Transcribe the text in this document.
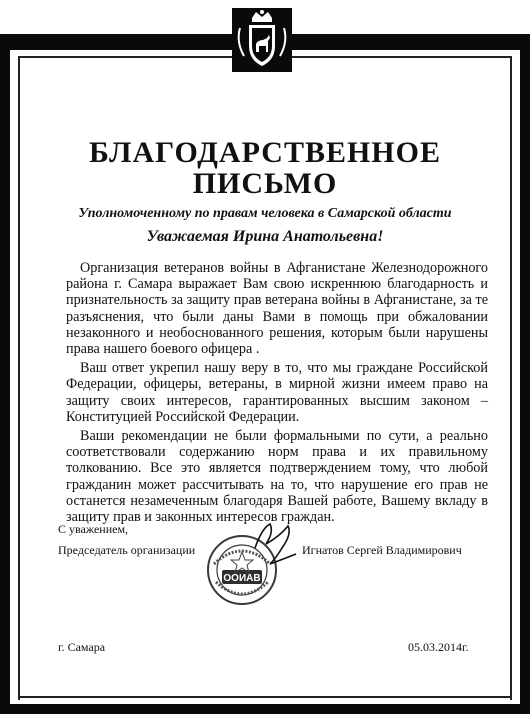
БЛАГОДАРСТВЕННОЕ
ПИСЬМО
Уполномоченному по правам человека в Самарской области
Уважаемая Ирина Анатольевна!

Организация ветеранов войны в Афганистане Железнодорожного района г. Самара выражает Вам свою искреннюю благодарность и признательность за защиту прав ветерана войны в Афганистане, за те разъяснения, что были даны Вами в помощь при обжаловании незаконного и необоснованного решения, которым были нарушены права нашего боевого офицера .

Ваш ответ укрепил нашу веру в то, что мы граждане Российской Федерации, офицеры, ветераны, в мирной жизни имеем право на защиту своих интересов, гарантированных высшим законом – Конституцией Российской Федерации.

Ваши рекомендации не были формальными по сути, а реально соответствовали содержанию норм права и их правильному толкованию. Все это является подтверждением тому, что любой гражданин может рассчитывать на то, что нарушение его прав не останется незамеченным благодаря Вашей работе, Вашему вкладу в защиту прав и законных интересов граждан.

С уважением,
Председатель организации	Игнатов Сергей Владимирович
ООИАВ
г. Самара	05.03.2014г.
